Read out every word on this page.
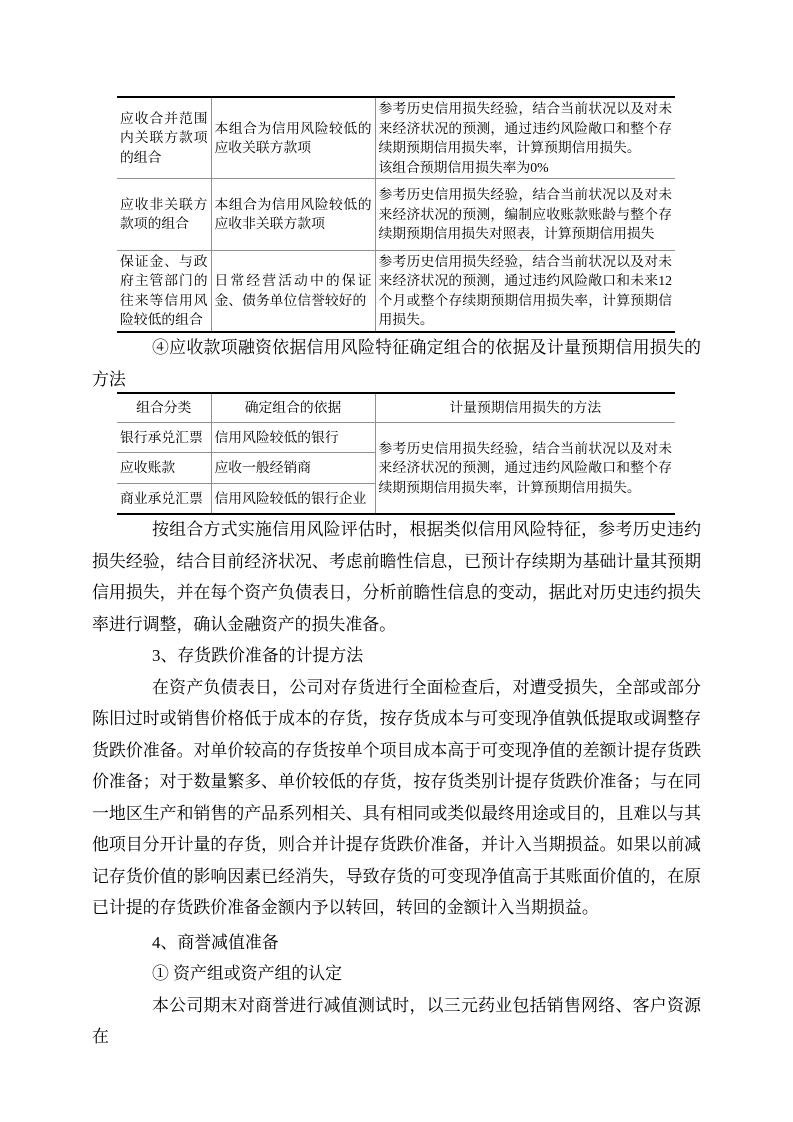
应收合并范围内关联方款项的组合	本组合为信用风险较低的应收关联方款项	参考历史信用损失经验，结合当前状况以及对未来经济状况的预测，通过违约风险敞口和整个存续期预期信用损失率，计算预期信用损失。
该组合预期信用损失率为0%
应收非关联方款项的组合	本组合为信用风险较低的应收非关联方款项	参考历史信用损失经验，结合当前状况以及对未来经济状况的预测，编制应收账款账龄与整个存续期预期信用损失对照表，计算预期信用损失
保证金、与政府主管部门的往来等信用风险较低的组合	日常经营活动中的保证金、债务单位信誉较好的	参考历史信用损失经验，结合当前状况以及对未来经济状况的预测，通过违约风险敞口和未来12个月或整个存续期预期信用损失率，计算预期信用损失。

④应收款项融资依据信用风险特征确定组合的依据及计量预期信用损失的方法

组合分类	确定组合的依据	计量预期信用损失的方法
银行承兑汇票	信用风险较低的银行	参考历史信用损失经验，结合当前状况以及对未来经济状况的预测，通过违约风险敞口和整个存续期预期信用损失率，计算预期信用损失。
应收账款	应收一般经销商	
商业承兑汇票	信用风险较低的银行企业	

按组合方式实施信用风险评估时，根据类似信用风险特征，参考历史违约损失经验，结合目前经济状况、考虑前瞻性信息，已预计存续期为基础计量其预期信用损失，并在每个资产负债表日，分析前瞻性信息的变动，据此对历史违约损失率进行调整，确认金融资产的损失准备。

3、存货跌价准备的计提方法

在资产负债表日，公司对存货进行全面检查后，对遭受损失，全部或部分陈旧过时或销售价格低于成本的存货，按存货成本与可变现净值孰低提取或调整存货跌价准备。对单价较高的存货按单个项目成本高于可变现净值的差额计提存货跌价准备；对于数量繁多、单价较低的存货，按存货类别计提存货跌价准备；与在同一地区生产和销售的产品系列相关、具有相同或类似最终用途或目的，且难以与其他项目分开计量的存货，则合并计提存货跌价准备，并计入当期损益。如果以前减记存货价值的影响因素已经消失，导致存货的可变现净值高于其账面价值的，在原已计提的存货跌价准备金额内予以转回，转回的金额计入当期损益。

4、商誉减值准备

① 资产组或资产组的认定

本公司期末对商誉进行减值测试时，以三元药业包括销售网络、客户资源在
